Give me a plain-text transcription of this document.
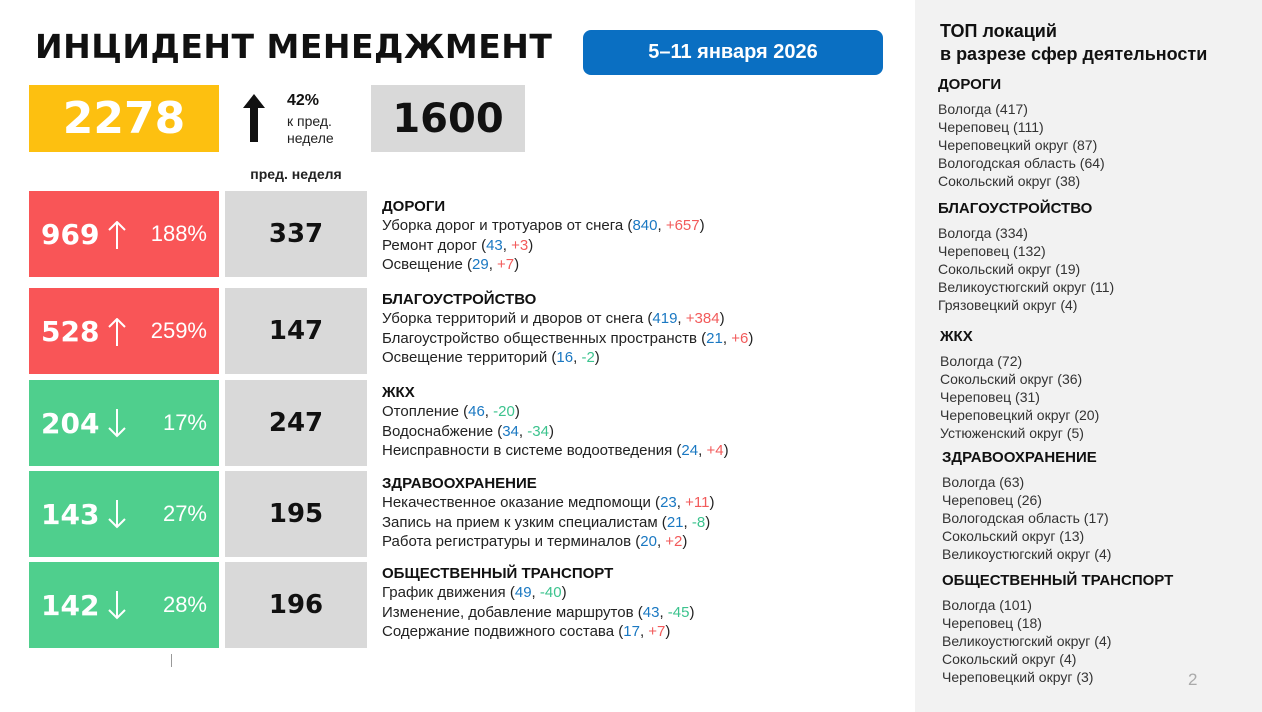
ИНЦИДЕНТ МЕНЕДЖМЕНТ	5–11 января 2026
2278	42%
к пред. неделе	1600
пред. неделя
969 188%	337
ДОРОГИ
Уборка дорог и тротуаров от снега (840, +657)
Ремонт дорог (43, +3)
Освещение (29, +7)
528 259%	147
БЛАГОУСТРОЙСТВО
Уборка территорий и дворов от снега (419, +384)
Благоустройство общественных пространств (21, +6)
Освещение территорий (16, -2)
204	17%	247
ЖКХ
Отопление (46, -20)
Водоснабжение (34, -34)
Неисправности в системе водоотведения (24, +4)
143	27%	195
ЗДРАВООХРАНЕНИЕ
Некачественное оказание медпомощи (23, +11)
Запись на прием к узким специалистам (21, -8)
Работа регистратуры и терминалов (20, +2)
142	28%	196
ОБЩЕСТВЕННЫЙ ТРАНСПОРТ
График движения (49, -40)
Изменение, добавление маршрутов (43, -45)
Содержание подвижного состава (17, +7)
ТОП локаций
в разрезе сфер деятельности
ДОРОГИ
Вологда (417)
Череповец (111)
Череповецкий округ (87)
Вологодская область (64)
Сокольский округ (38)
БЛАГОУСТРОЙСТВО
Вологда (334)
Череповец (132)
Сокольский округ (19)
Великоустюгский округ (11)
Грязовецкий округ (4)
ЖКХ
Вологда (72)
Сокольский округ (36)
Череповец (31)
Череповецкий округ (20)
Устюженский округ (5)
ЗДРАВООХРАНЕНИЕ
Вологда (63)
Череповец (26)
Вологодская область (17)
Сокольский округ (13)
Великоустюгский округ (4)
ОБЩЕСТВЕННЫЙ ТРАНСПОРТ
Вологда (101)
Череповец (18)
Великоустюгский округ (4)
Сокольский округ (4)
Череповецкий округ (3)	2
